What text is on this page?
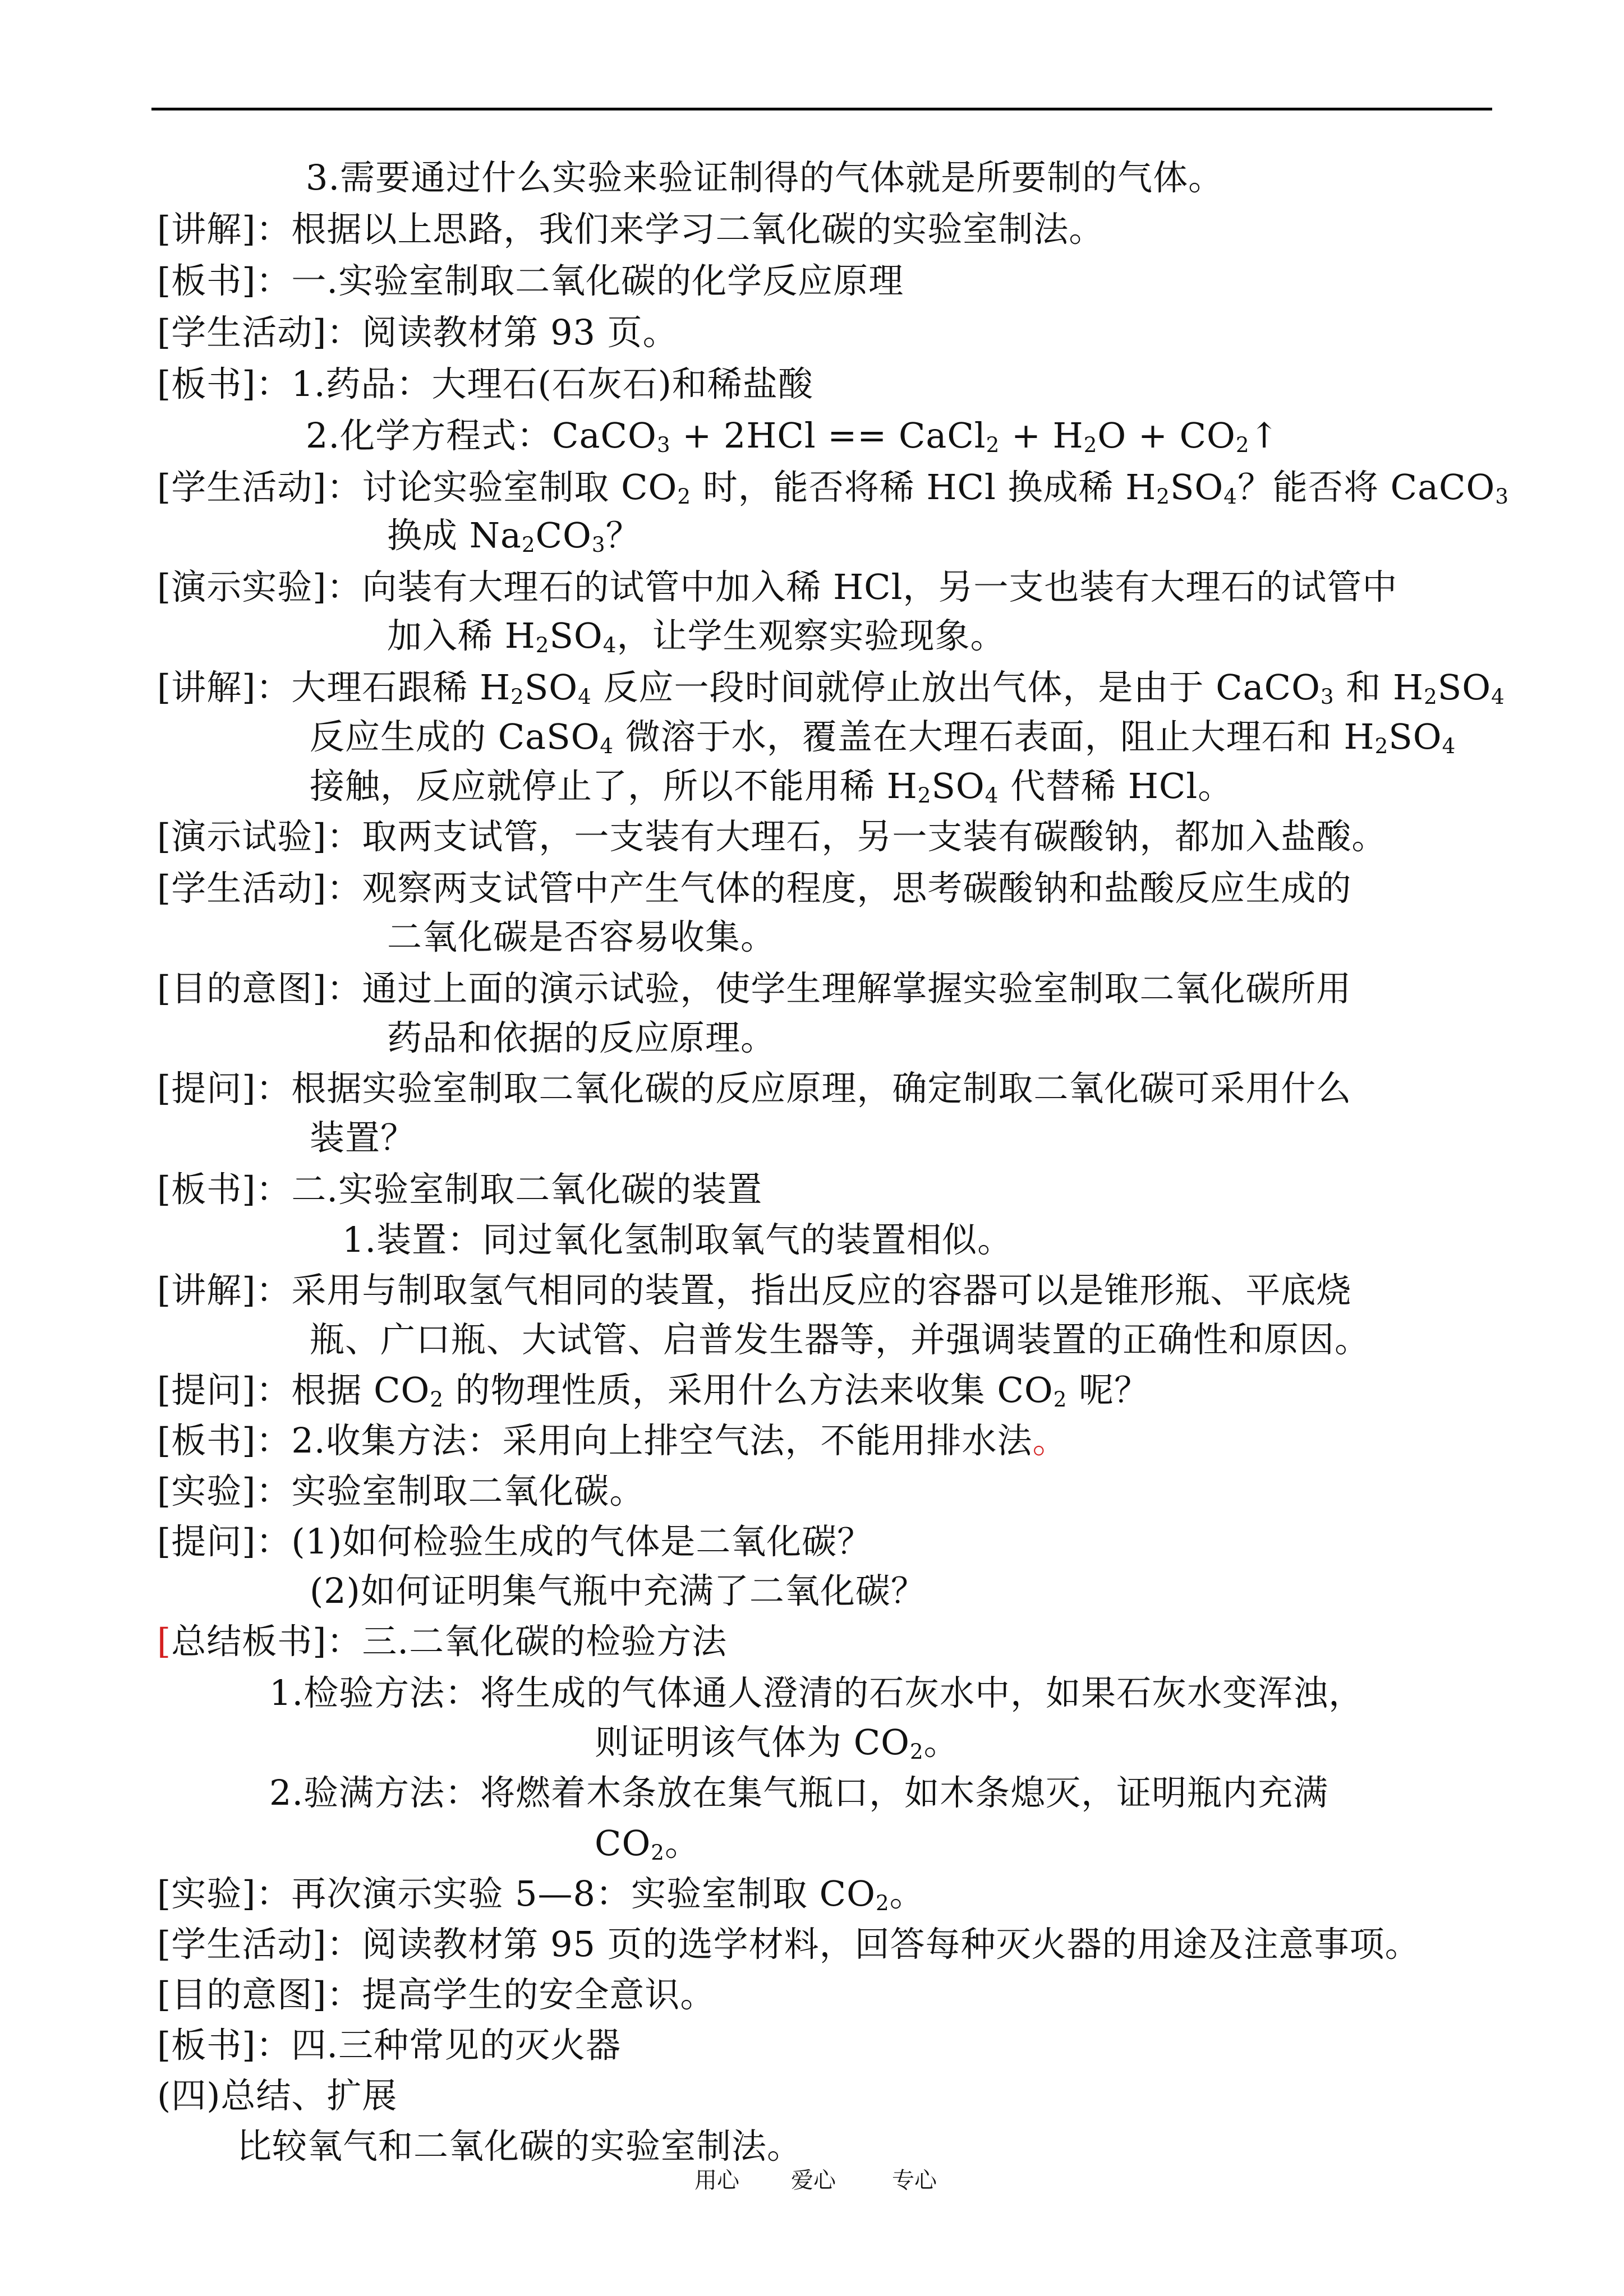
3.需要通过什么实验来验证制得的气体就是所要制的气体。
[讲解]：根据以上思路，我们来学习二氧化碳的实验室制法。
[板书]：一.实验室制取二氧化碳的化学反应原理
[学生活动]：阅读教材第 93 页。
[板书]：1.药品：大理石(石灰石)和稀盐酸
2.化学方程式：CaCO$_3$ + 2HCl == CaCl$_2$ + $H_2O$ + $CO_2↑$
[学生活动]：讨论实验室制取 $CO_2$ 时，能否将稀 HCl 换成稀 $H_2SO_4$？能否将 CaCO$_3$
换成 $Na_2CO_3$？
[演示实验]：向装有大理石的试管中加入稀 HCl，另一支也装有大理石的试管中
加入稀 $H_2SO_4$，让学生观察实验现象。
[讲解]：大理石跟稀 $H_2SO_4$ 反应一段时间就停止放出气体，是由于 CaCO$_3$ 和 $H_2SO_4$
反应生成的 CaSO$_4$ 微溶于水，覆盖在大理石表面，阻止大理石和 $H_2SO_4$
接触，反应就停止了，所以不能用稀 $H_2SO_4$ 代替稀 HCl。
[演示试验]：取两支试管，一支装有大理石，另一支装有碳酸钠，都加入盐酸。
[学生活动]：观察两支试管中产生气体的程度，思考碳酸钠和盐酸反应生成的
二氧化碳是否容易收集。
[目的意图]：通过上面的演示试验，使学生理解掌握实验室制取二氧化碳所用
药品和依据的反应原理。
[提问]：根据实验室制取二氧化碳的反应原理，确定制取二氧化碳可采用什么
装置？
[板书]：二.实验室制取二氧化碳的装置
1.装置：同过氧化氢制取氧气的装置相似。
[讲解]：采用与制取氢气相同的装置，指出反应的容器可以是锥形瓶、平底烧
瓶、广口瓶、大试管、启普发生器等，并强调装置的正确性和原因。
[提问]：根据 $CO_2$ 的物理性质，采用什么方法来收集 $CO_2$ 呢？
[板书]：2.收集方法：采用向上排空气法，不能用排水法。
[实验]：实验室制取二氧化碳。
[提问]：(1)如何检验生成的气体是二氧化碳？
(2)如何证明集气瓶中充满了二氧化碳？
[总结板书]：三.二氧化碳的检验方法
1.检验方法：将生成的气体通人澄清的石灰水中，如果石灰水变浑浊，
则证明该气体为 $CO_2$。
2.验满方法：将燃着木条放在集气瓶口，如木条熄灭，证明瓶内充满
$CO_2$。
[实验]：再次演示实验 5—8：实验室制取 $CO_2$。
[学生活动]：阅读教材第 95 页的选学材料，回答每种灭火器的用途及注意事项。
[目的意图]：提高学生的安全意识。
[板书]：四.三种常见的灭火器
(四)总结、扩展
比较氧气和二氧化碳的实验室制法。
用心 爱心	专心
